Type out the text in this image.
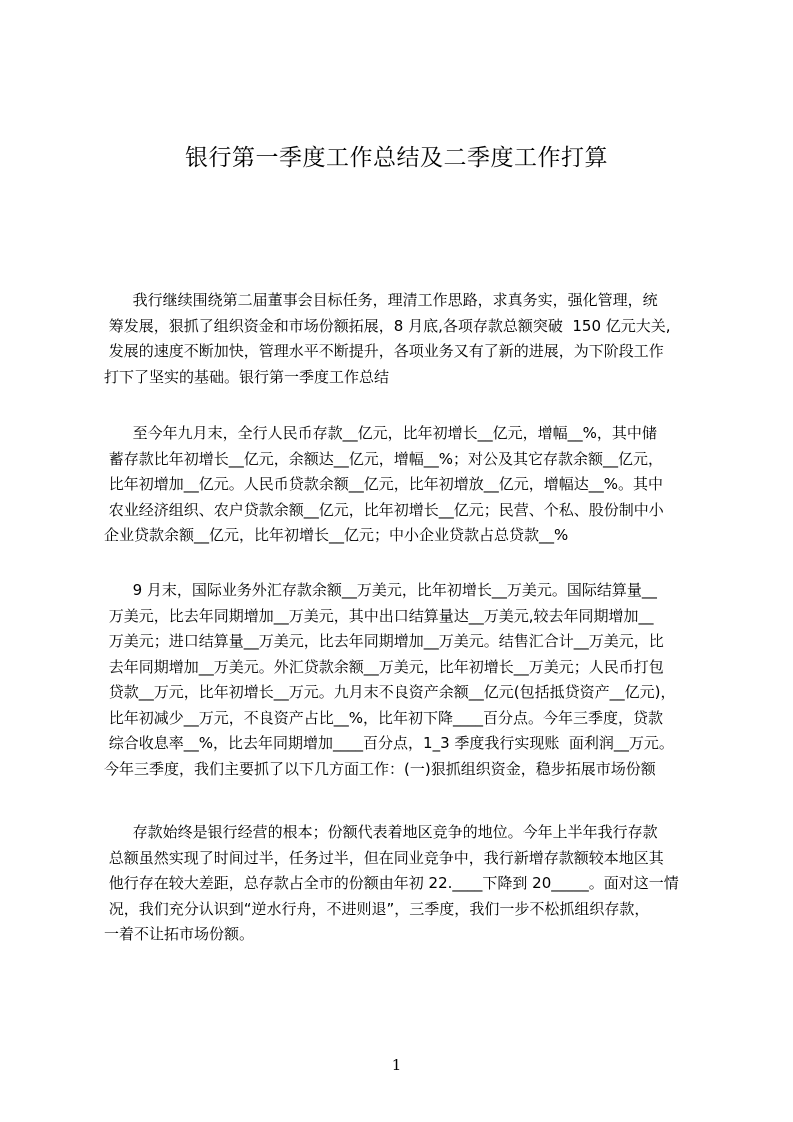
银行第一季度工作总结及二季度工作打算
我行继续围绕第二届董事会目标任务，理清工作思路，求真务实，强化管理，统
筹发展，狠抓了组织资金和市场份额拓展，8 月底,各项存款总额突破  150 亿元大关,
发展的速度不断加快，管理水平不断提升，各项业务又有了新的进展，为下阶段工作
打下了坚实的基础。银行第一季度工作总结
至今年九月末，全行人民币存款__亿元，比年初增长__亿元，增幅__%，其中储
蓄存款比年初增长__亿元，余额达__亿元，增幅__%；对公及其它存款余额__亿元，
比年初增加__亿元。人民币贷款余额__亿元，比年初增放__亿元，增幅达__%。其中
农业经济组织、农户贷款余额__亿元，比年初增长__亿元；民营、个私、股份制中小
企业贷款余额__亿元，比年初增长__亿元；中小企业贷款占总贷款__%
9 月末，国际业务外汇存款余额__万美元，比年初增长__万美元。国际结算量__
万美元，比去年同期增加__万美元，其中出口结算量达__万美元,较去年同期增加__
万美元；进口结算量__万美元，比去年同期增加__万美元。结售汇合计__万美元，比
去年同期增加__万美元。外汇贷款余额__万美元，比年初增长__万美元；人民币打包
贷款__万元，比年初增长__万元。九月末不良资产余额__亿元(包括抵贷资产__亿元)，
比年初减少__万元，不良资产占比__%，比年初下降____百分点。今年三季度，贷款
综合收息率__%，比去年同期增加____百分点，1_3 季度我行实现账  面利润__万元。
今年三季度，我们主要抓了以下几方面工作：(一)狠抓组织资金，稳步拓展市场份额
存款始终是银行经营的根本；份额代表着地区竞争的地位。今年上半年我行存款
总额虽然实现了时间过半，任务过半，但在同业竞争中，我行新增存款额较本地区其
他行存在较大差距，总存款占全市的份额由年初 22.____下降到 20_____。面对这一情
况，我们充分认识到“逆水行舟，不进则退”，三季度，我们一步不松抓组织存款，
一着不让拓市场份额。
1
